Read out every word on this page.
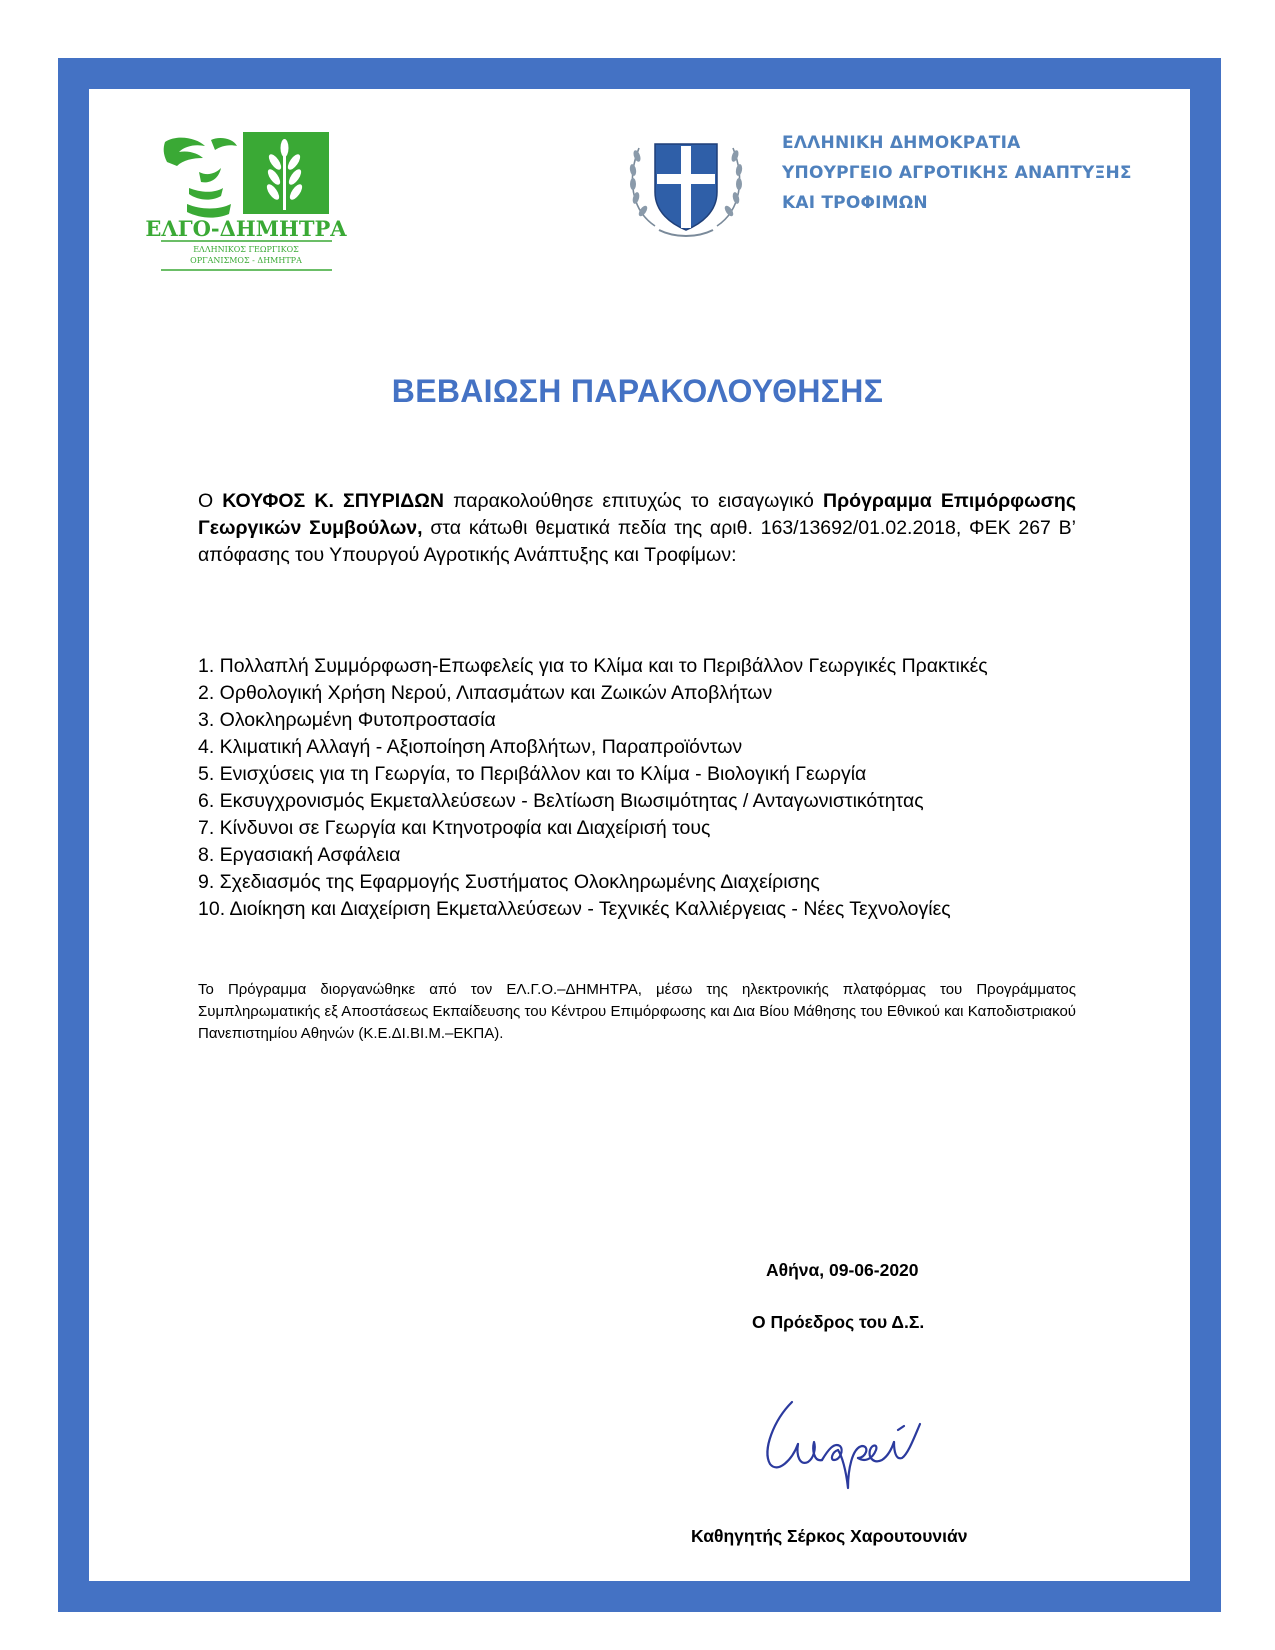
ΕΛΓΟ-ΔΗΜΗΤΡΑ
ΕΛΛΗΝΙΚΟΣ ΓΕΩΡΓΙΚΟΣ
ΟΡΓΑΝΙΣΜΟΣ - ΔΗΜΗΤΡΑ
ΕΛΛΗΝΙΚΗ ΔΗΜΟΚΡΑΤΙΑ
ΥΠΟΥΡΓΕΙΟ ΑΓΡΟΤΙΚΗΣ ΑΝΑΠΤΥΞΗΣ
ΚΑΙ ΤΡΟΦΙΜΩΝ
ΒΕΒΑΙΩΣΗ ΠΑΡΑΚΟΛΟΥΘΗΣΗΣ
Ο ΚΟΥΦΟΣ Κ. ΣΠΥΡΙΔΩΝ παρακολούθησε επιτυχώς το εισαγωγικό Πρόγραμμα Επιμόρφωσης Γεωργικών Συμβούλων, στα κάτωθι θεματικά πεδία της αριθ. 163/13692/01.02.2018, ΦΕΚ 267 Β’ απόφασης του Υπουργού Αγροτικής Ανάπτυξης και Τροφίμων:
1. Πολλαπλή Συμμόρφωση-Επωφελείς για το Κλίμα και το Περιβάλλον Γεωργικές Πρακτικές
2. Ορθολογική Χρήση Νερού, Λιπασμάτων και Ζωικών Αποβλήτων
3. Ολοκληρωμένη Φυτοπροστασία
4. Κλιματική Αλλαγή - Αξιοποίηση Αποβλήτων, Παραπροϊόντων
5. Ενισχύσεις για τη Γεωργία, το Περιβάλλον και το Κλίμα - Βιολογική Γεωργία
6. Εκσυγχρονισμός Εκμεταλλεύσεων - Βελτίωση Βιωσιμότητας / Ανταγωνιστικότητας
7. Κίνδυνοι σε Γεωργία και Κτηνοτροφία και Διαχείρισή τους
8. Εργασιακή Ασφάλεια
9. Σχεδιασμός της Εφαρμογής Συστήματος Ολοκληρωμένης Διαχείρισης
10. Διοίκηση και Διαχείριση Εκμεταλλεύσεων - Τεχνικές Καλλιέργειας - Νέες Τεχνολογίες
Το Πρόγραμμα διοργανώθηκε από τον ΕΛ.Γ.Ο.–ΔΗΜΗΤΡΑ, μέσω της ηλεκτρονικής πλατφόρμας του Προγράμματος Συμπληρωματικής εξ Αποστάσεως Εκπαίδευσης του Κέντρου Επιμόρφωσης και Δια Βίου Μάθησης του Εθνικού και Καποδιστριακού Πανεπιστημίου Αθηνών (Κ.Ε.ΔΙ.ΒΙ.Μ.–ΕΚΠΑ).
Αθήνα, 09-06-2020
Ο Πρόεδρος του Δ.Σ.
Καθηγητής Σέρκος Χαρουτουνιάν
